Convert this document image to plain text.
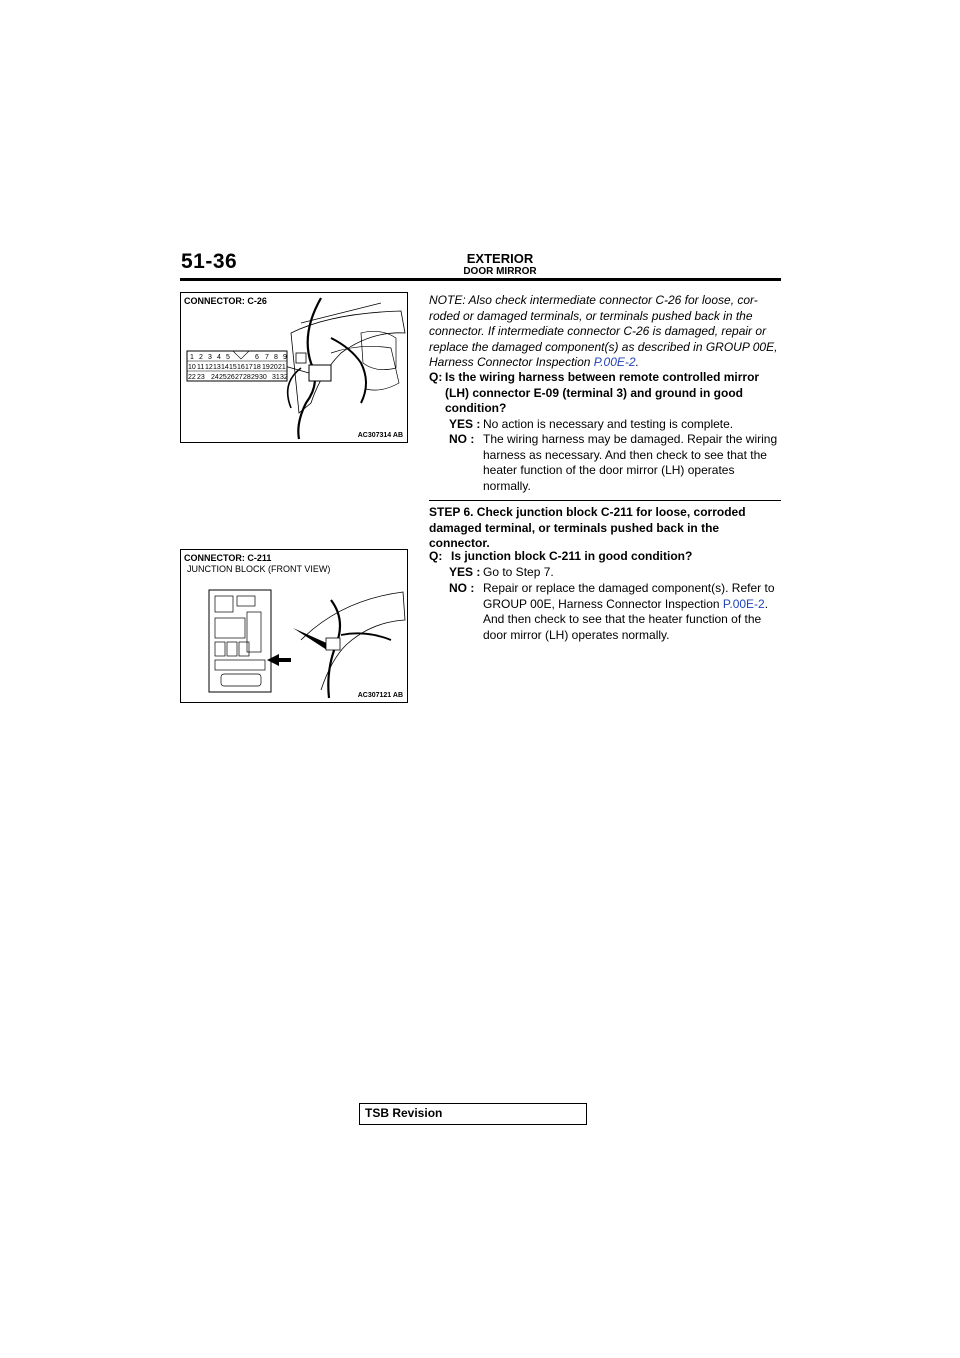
51-36	EXTERIOR
DOOR MIRROR
CONNECTOR: C-26
1 2 3 4 5	6 7 8 9
10 11 12 13 14 15 16 17 18 19 20 21
22 23 24 25 26 27 28 29 30 31 32
AC307314 AB
CONNECTOR: C-211
JUNCTION BLOCK (FRONT VIEW)
AC307121 AB
NOTE: Also check intermediate connector C-26 for loose, cor- roded or damaged terminals, or terminals pushed back in the connector. If intermediate connector C-26 is damaged, repair or replace the damaged component(s) as described in GROUP 00E, Harness Connector Inspection P.00E-2.
Q: Is the wiring harness between remote controlled mirror (LH) connector E-09 (terminal 3) and ground in good condition?
YES : No action is necessary and testing is complete.
NO : The wiring harness may be damaged. Repair the wiring harness as necessary. And then check to see that the heater function of the door mirror (LH) operates normally.
STEP 6. Check junction block C-211 for loose, corroded damaged terminal, or terminals pushed back in the connector.
Q: Is junction block C-211 in good condition?
YES : Go to Step 7.
NO : Repair or replace the damaged component(s). Refer to GROUP 00E, Harness Connector Inspection P.00E-2. And then check to see that the heater function of the door mirror (LH) operates normally.
TSB Revision
